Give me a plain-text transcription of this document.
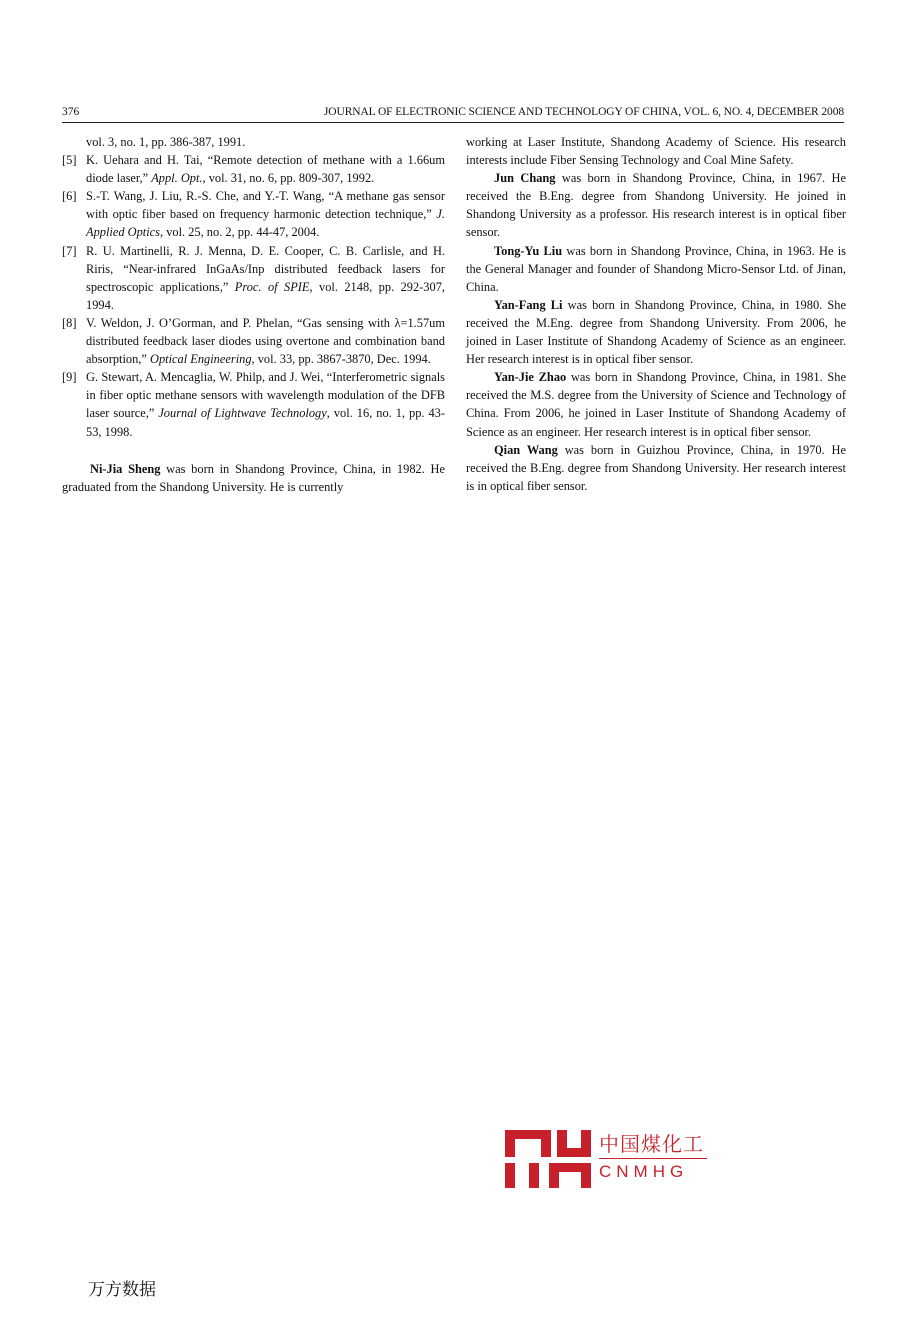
376	JOURNAL OF ELECTRONIC SCIENCE AND TECHNOLOGY OF CHINA, VOL. 6, NO. 4, DECEMBER 2008
vol. 3, no. 1, pp. 386-387, 1991.
[5] K. Uehara and H. Tai, “Remote detection of methane with a 1.66um diode laser,” Appl. Opt., vol. 31, no. 6, pp. 809-307, 1992.
[6] S.-T. Wang, J. Liu, R.-S. Che, and Y.-T. Wang, “A methane gas sensor with optic fiber based on frequency harmonic detection technique,” J. Applied Optics, vol. 25, no. 2, pp. 44-47, 2004.
[7] R. U. Martinelli, R. J. Menna, D. E. Cooper, C. B. Carlisle, and H. Riris, “Near-infrared InGaAs/Inp distributed feedback lasers for spectroscopic applications,” Proc. of SPIE, vol. 2148, pp. 292-307, 1994.
[8] V. Weldon, J. O’Gorman, and P. Phelan, “Gas sensing with λ=1.57um distributed feedback laser diodes using overtone and combination band absorption,” Optical Engineering, vol. 33, pp. 3867-3870, Dec. 1994.
[9] G. Stewart, A. Mencaglia, W. Philp, and J. Wei, “Interferometric signals in fiber optic methane sensors with wavelength modulation of the DFB laser source,” Journal of Lightwave Technology, vol. 16, no. 1, pp. 43-53, 1998.

Ni-Jia Sheng was born in Shandong Province, China, in 1982. He graduated from the Shandong University. He is currently

working at Laser Institute, Shandong Academy of Science. His research interests include Fiber Sensing Technology and Coal Mine Safety.

Jun Chang was born in Shandong Province, China, in 1967. He received the B.Eng. degree from Shandong University. He joined in Shandong University as a professor. His research interest is in optical fiber sensor.

Tong-Yu Liu was born in Shandong Province, China, in 1963. He is the General Manager and founder of Shandong Micro-Sensor Ltd. of Jinan, China.

Yan-Fang Li was born in Shandong Province, China, in 1980. She received the M.Eng. degree from Shandong University. From 2006, he joined in Laser Institute of Shandong Academy of Science as an engineer. Her research interest is in optical fiber sensor.

Yan-Jie Zhao was born in Shandong Province, China, in 1981. She received the M.S. degree from the University of Science and Technology of China. From 2006, he joined in Laser Institute of Shandong Academy of Science as an engineer. Her research interest is in optical fiber sensor.

Qian Wang was born in Guizhou Province, China, in 1970. He received the B.Eng. degree from Shandong University. Her research interest is in optical fiber sensor.

中国煤化工
CNMHG
万方数据
